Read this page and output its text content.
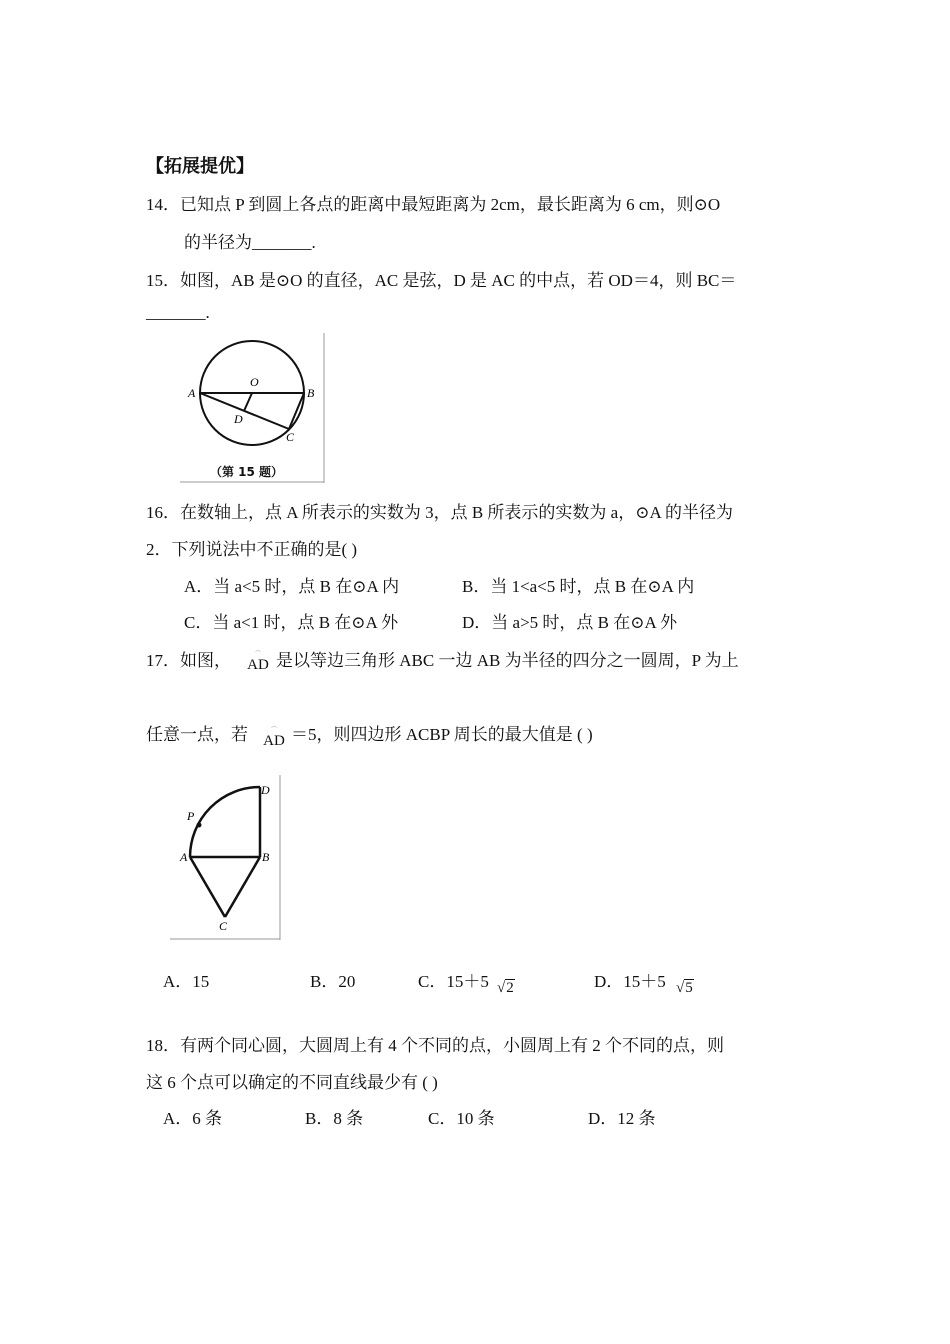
【拓展提优】
14．已知点 P 到圆上各点的距离中最短距离为 2cm，最长距离为 6 cm，则⊙O
的半径为_______.
15．如图，AB 是⊙O 的直径，AC 是弦，D 是 AC 的中点，若 OD＝4，则 BC＝
_______.
A	B
O
D
C
（第 15 题）
16．在数轴上，点 A 所表示的实数为 3，点 B 所表示的实数为 a，⊙A 的半径为
2．下列说法中不正确的是( )
A．当 a<5 时，点 B 在⊙A 内	B．当 1<a<5 时，点 B 在⊙A 内
C．当 a<1 时，点 B 在⊙A 外	D．当 a>5 时，点 B 在⊙A 外
17．如图，	⌒
AD 是以等边三角形 ABC 一边 AB 为半径的四分之一圆周，P 为上
任意一点，若	⌒
AD ＝5，则四边形 ACBP 周长的最大值是 ( )
P
D
A	B
C
A．15	B．20	C．15＋5 √2	D．15＋5 √5
18．有两个同心圆，大圆周上有 4 个不同的点，小圆周上有 2 个不同的点，则
这 6 个点可以确定的不同直线最少有 ( )
A．6 条	B．8 条	C．10 条	D．12 条
